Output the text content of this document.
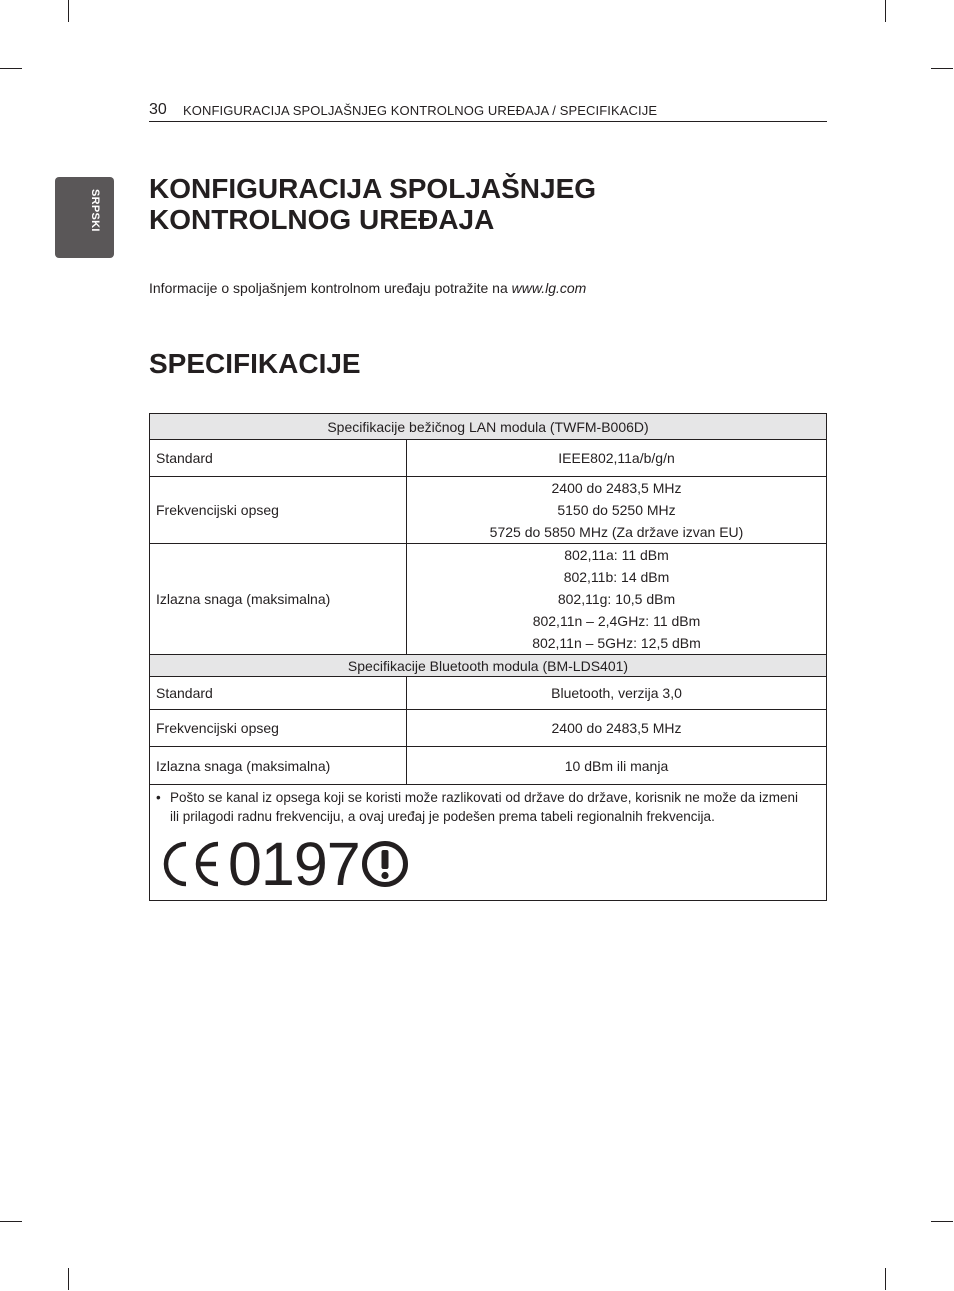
30 KONFIGURACIJA SPOLJAŠNJEG KONTROLNOG UREĐAJA / SPECIFIKACIJE
SRPSKI
KONFIGURACIJA SPOLJAŠNJEG KONTROLNOG UREĐAJA

Informacije o spoljašnjem kontrolnom uređaju potražite na www.lg.com

SPECIFIKACIJE
Specifikacije bežičnog LAN modula (TWFM-B006D)	
Standard	IEEE802,11a/b/g/n

Frekvencijski opseg	2400 do 2483,5 MHz
5150 do 5250 MHz
5725 do 5850 MHz (Za države izvan EU)

Izlazna snaga (maksimalna)	802,11a: 11 dBm
802,11b: 14 dBm
802,11g: 10,5 dBm
802,11n – 2,4GHz: 11 dBm
802,11n – 5GHz: 12,5 dBm

Specifikacije Bluetooth modula (BM-LDS401)	
Standard	Bluetooth, verzija 3,0
Frekvencijski opseg	2400 do 2483,5 MHz
Izlazna snaga (maksimalna)	10 dBm ili manja

• Pošto se kanal iz opsega koji se koristi može razlikovati od države do države, korisnik ne može da izmeni ili prilagodi radnu frekvenciju, a ovaj uređaj je podešen prema tabeli regionalnih frekvencija.
0197	
